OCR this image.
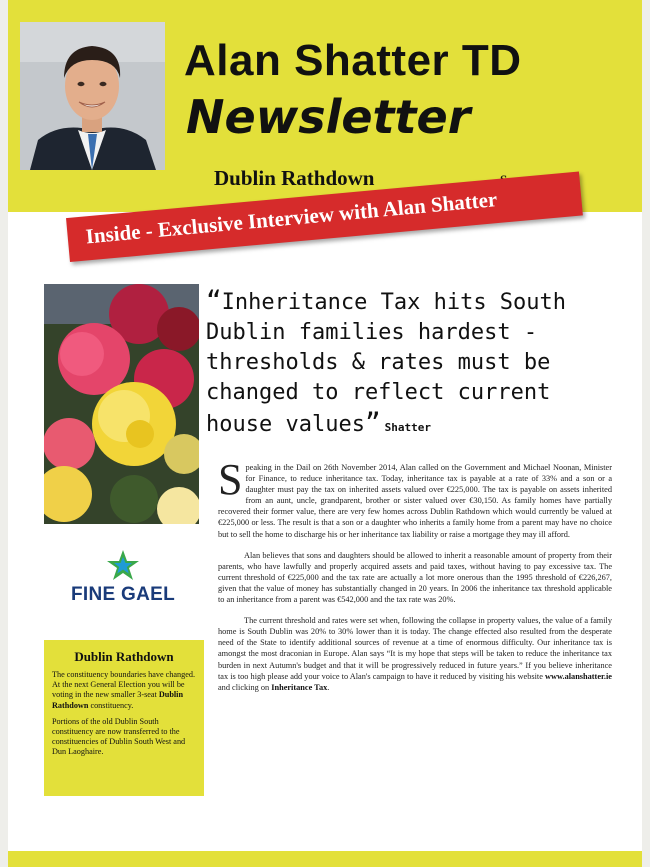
Alan Shatter TD
Newsletter
Dublin Rathdown
Inside - Exclusive Interview with Alan Shatter
“Inheritance Tax hits South Dublin families hardest - thresholds & rates must be changed to reflect current house values” Shatter

Speaking in the Dail on 26th November 2014, Alan called on the Government and Michael Noonan, Minister for Finance, to reduce inheritance tax. Today, inheritance tax is payable at a rate of 33% and a son or a daughter must pay the tax on inherited assets valued over €225,000. The tax is payable on assets inherited from an aunt, uncle, grandparent, brother or sister valued over €30,150. As family homes have partially recovered their former value, there are very few homes across Dublin Rathdown which would currently be valued at €225,000 or less. The result is that a son or a daughter who inherits a family home from a parent may have no choice but to sell the home to discharge his or her inheritance tax liability or raise a mortgage they may ill afford.

Alan believes that sons and daughters should be allowed to inherit a reasonable amount of property from their parents, who have lawfully and properly acquired assets and paid taxes, without having to pay excessive tax. The current threshold of €225,000 and the tax rate are actually a lot more onerous than the 1995 threshold of €226,267, given that the value of money has substantially changed in 20 years. In 2006 the inheritance tax threshold applicable to an inheritance from a parent was €542,000 and the tax rate was 20%.

The current threshold and rates were set when, following the collapse in property values, the value of a family home is South Dublin was 20% to 30% lower than it is today. The change effected also resulted from the desperate need of the State to identify additional sources of revenue at a time of enormous difficulty. Our inheritance tax is amongst the most draconian in Europe. Alan says “It is my hope that steps will be taken to reduce the inheritance tax burden in next Autumn's budget and that it will be progressively reduced in future years.” If you believe inheritance tax is too high please add your voice to Alan's campaign to have it reduced by visiting his website www.alanshatter.ie and clicking on Inheritance Tax.

FINE GAEL
Dublin Rathdown

The constituency boundaries have changed. At the next General Election you will be voting in the new smaller 3-seat Dublin Rathdown constituency.

Portions of the old Dublin South constituency are now transferred to the constituencies of Dublin South West and Dun Laoghaire.
